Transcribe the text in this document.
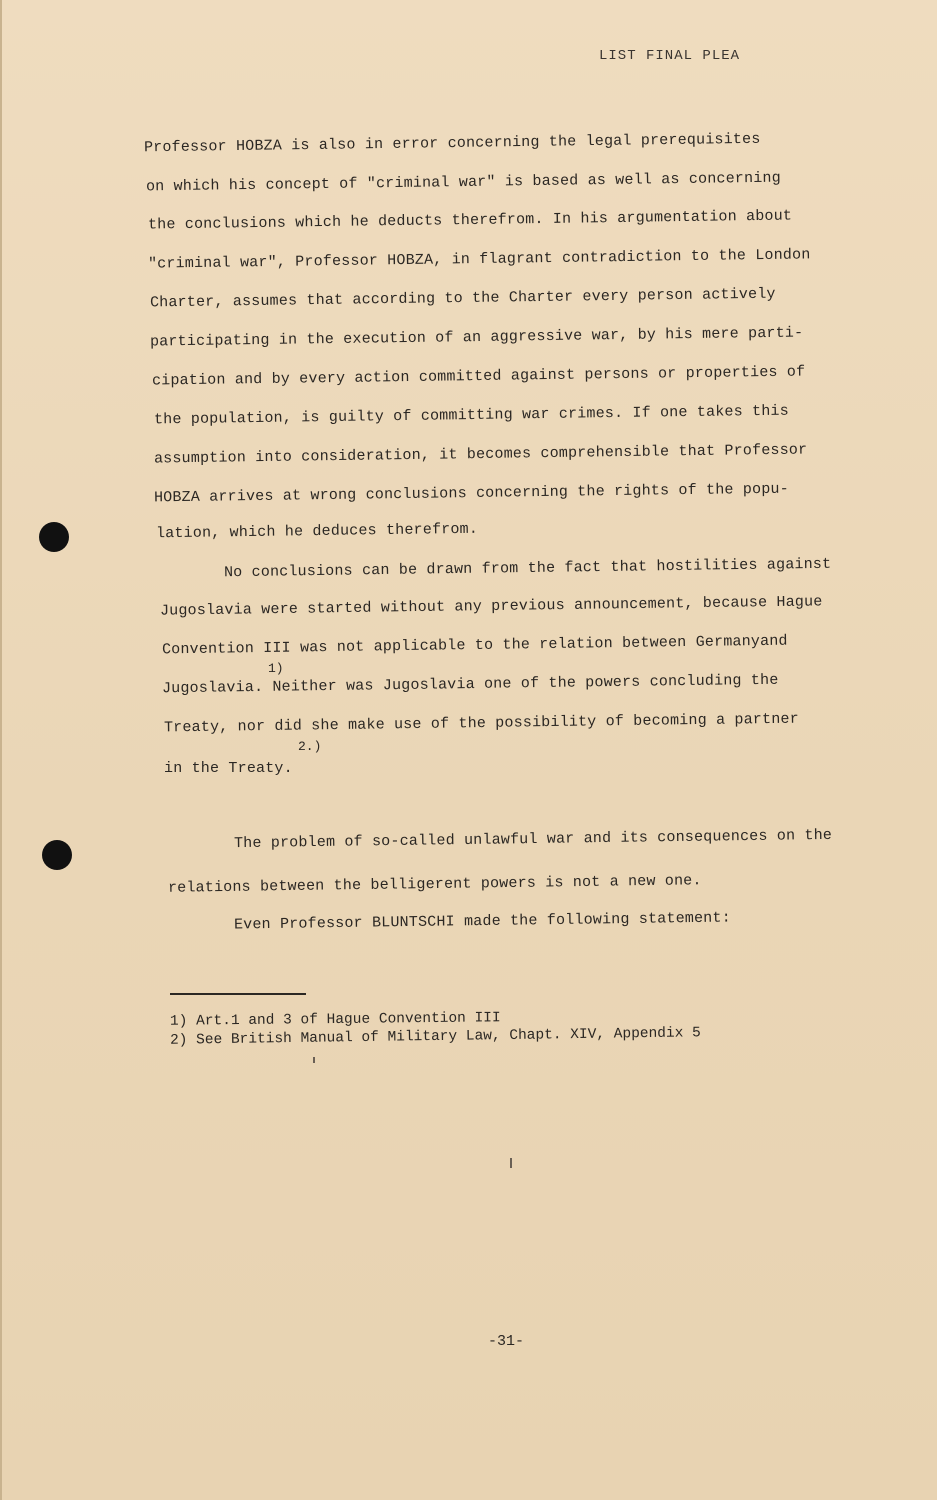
LIST FINAL PLEA
Professor HOBZA is also in error concerning the legal prerequisites
on which his concept of "criminal war" is based as well as concerning
the conclusions which he deducts therefrom. In his argumentation about
"criminal war", Professor HOBZA, in flagrant contradiction to the London
Charter, assumes that according to the Charter every person actively
participating in the execution of an aggressive war, by his mere parti-
cipation and by every action committed against persons or properties of
the population, is guilty of committing war crimes. If one takes this
assumption into consideration, it becomes comprehensible that Professor
HOBZA arrives at wrong conclusions concerning the rights of the popu-
lation, which he deduces therefrom.
No conclusions can be drawn from the fact that hostilities against
Jugoslavia were started without any previous announcement, because Hague
Convention III was not applicable to the relation between Germanyand
Jugoslavia. Neither was Jugoslavia one of the powers concluding the
1)
Treaty, nor did she make use of the possibility of becoming a partner
in the Treaty.
2.)
The problem of so-called unlawful war and its consequences on the
relations between the belligerent powers is not a new one.
Even Professor BLUNTSCHI made the following statement:
1) Art.1 and 3 of Hague Convention III
2) See British Manual of Military Law, Chapt. XIV, Appendix 5
-31-
